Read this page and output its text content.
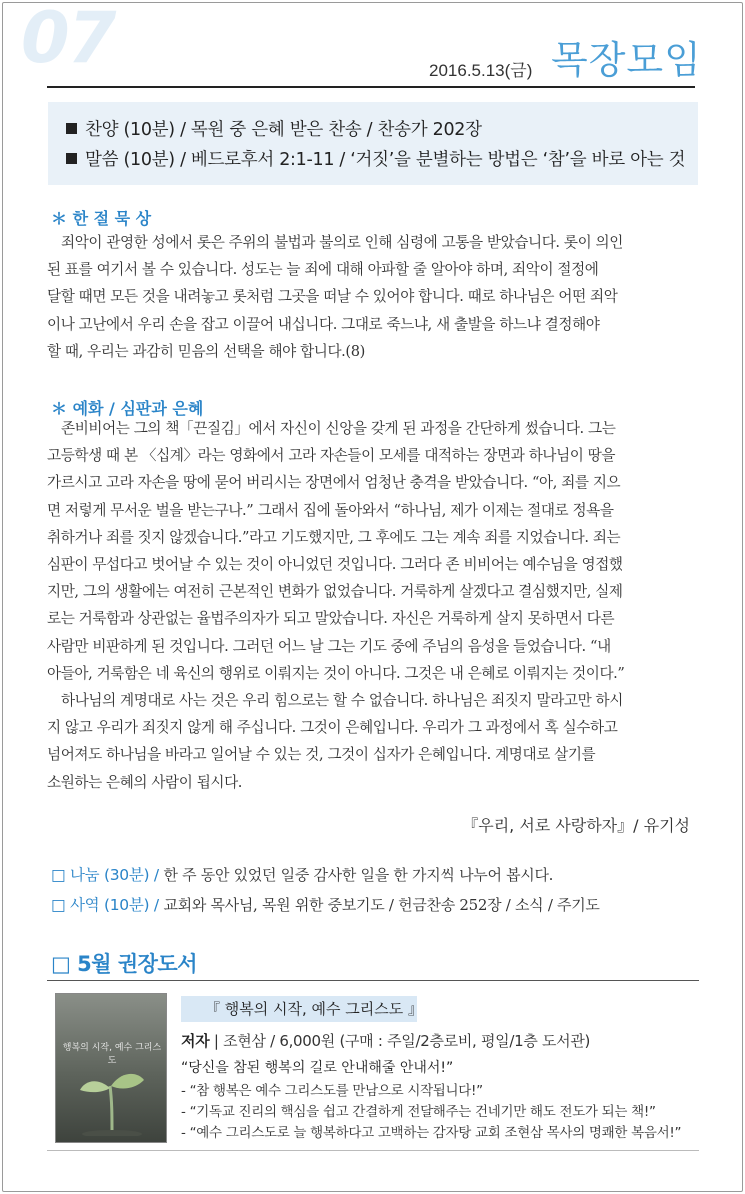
07	2016.5.13(금) 목장모임
찬양 (10분) / 목원 중 은혜 받은 찬송 / 찬송가 202장
말씀 (10분) / 베드로후서 2:1-11 / ‘거짓’을 분별하는 방법은 ‘참’을 바로 아는 것
＊ 한 절 묵 상
죄악이 관영한 성에서 롯은 주위의 불법과 불의로 인해 심령에 고통을 받았습니다. 롯이 의인
된 표를 여기서 볼 수 있습니다. 성도는 늘 죄에 대해 아파할 줄 알아야 하며, 죄악이 절정에
달할 때면 모든 것을 내려놓고 롯처럼 그곳을 떠날 수 있어야 합니다. 때로 하나님은 어떤 죄악
이나 고난에서 우리 손을 잡고 이끌어 내십니다. 그대로 죽느냐, 새 출발을 하느냐 결정해야
할 때, 우리는 과감히 믿음의 선택을 해야 합니다.(8)
＊ 예화 / 심판과 은혜
존비비어는 그의 책「끈질김」에서 자신이 신앙을 갖게 된 과정을 간단하게 썼습니다. 그는
고등학생 때 본 〈십계〉라는 영화에서 고라 자손들이 모세를 대적하는 장면과 하나님이 땅을
가르시고 고라 자손을 땅에 묻어 버리시는 장면에서 엄청난 충격을 받았습니다. “아, 죄를 지으
면 저렇게 무서운 벌을 받는구나.” 그래서 집에 돌아와서 “하나님, 제가 이제는 절대로 정욕을
취하거나 죄를 짓지 않겠습니다.”라고 기도했지만, 그 후에도 그는 계속 죄를 지었습니다. 죄는
심판이 무섭다고 벗어날 수 있는 것이 아니었던 것입니다. 그러다 존 비비어는 예수님을 영접했
지만, 그의 생활에는 여전히 근본적인 변화가 없었습니다. 거룩하게 살겠다고 결심했지만, 실제
로는 거룩함과 상관없는 율법주의자가 되고 말았습니다. 자신은 거룩하게 살지 못하면서 다른
사람만 비판하게 된 것입니다. 그러던 어느 날 그는 기도 중에 주님의 음성을 들었습니다. “내
아들아, 거룩함은 네 육신의 행위로 이뤄지는 것이 아니다. 그것은 내 은혜로 이뤄지는 것이다.”
하나님의 계명대로 사는 것은 우리 힘으로는 할 수 없습니다. 하나님은 죄짓지 말라고만 하시
지 않고 우리가 죄짓지 않게 해 주십니다. 그것이 은혜입니다. 우리가 그 과정에서 혹 실수하고
넘어져도 하나님을 바라고 일어날 수 있는 것, 그것이 십자가 은혜입니다. 계명대로 살기를
소원하는 은혜의 사람이 됩시다.
『우리, 서로 사랑하자』/ 유기성
□ 나눔 (30분) / 한 주 동안 있었던 일중 감사한 일을 한 가지씩 나누어 봅시다.
□ 사역 (10분) / 교회와 목사님, 목원 위한 중보기도 / 헌금찬송 252장 / 소식 / 주기도
□ 5월 권장도서
행복의 시작, 예수 그리스도
『 행복의 시작, 예수 그리스도 』
저자 | 조현삼 / 6,000원 (구매 : 주일/2층로비, 평일/1층 도서관)
“당신을 참된 행복의 길로 안내해줄 안내서!”
- “참 행복은 예수 그리스도를 만남으로 시작됩니다!”
- “기독교 진리의 핵심을 쉽고 간결하게 전달해주는 건네기만 해도 전도가 되는 책!”
- “예수 그리스도로 늘 행복하다고 고백하는 감자탕 교회 조현삼 목사의 명쾌한 복음서!”
